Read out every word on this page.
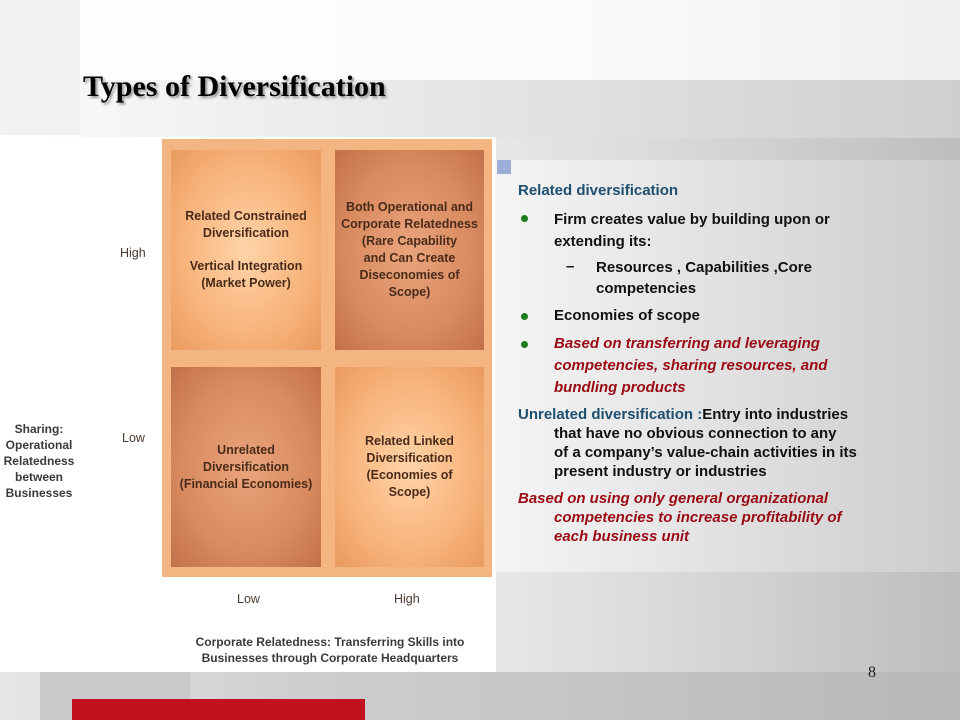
Types of Diversification
Sharing:
Operational
Relatedness
between
Businesses
High
Low
Related Constrained
Diversification
Vertical Integration
(Market Power)
Both Operational and
Corporate Relatedness
(Rare Capability
and Can Create
Diseconomies of
Scope)
Unrelated
Diversification
(Financial Economies)
Related Linked
Diversification
(Economies of
Scope)
Low	High
Corporate Relatedness: Transferring Skills into
Businesses through Corporate Headquarters
Related diversification
Firm creates value by building upon or
extending its:
– Resources , Capabilities ,Core
competencies
Economies of scope
Based on transferring and leveraging
competencies, sharing resources, and
bundling products
Unrelated diversification :Entry into industries
that have no obvious connection to any
of a company’s value-chain activities in its
present industry or industries
Based on using only general organizational
competencies to increase profitability of
each business unit
8
